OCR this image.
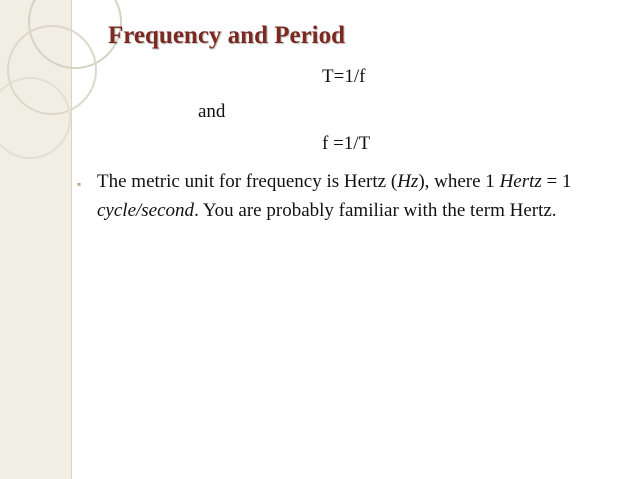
Frequency and Period
T=1/f
and
f =1/T
▪ The metric unit for frequency is Hertz (Hz), where 1 Hertz = 1 cycle/second. You are probably familiar with the term Hertz.
